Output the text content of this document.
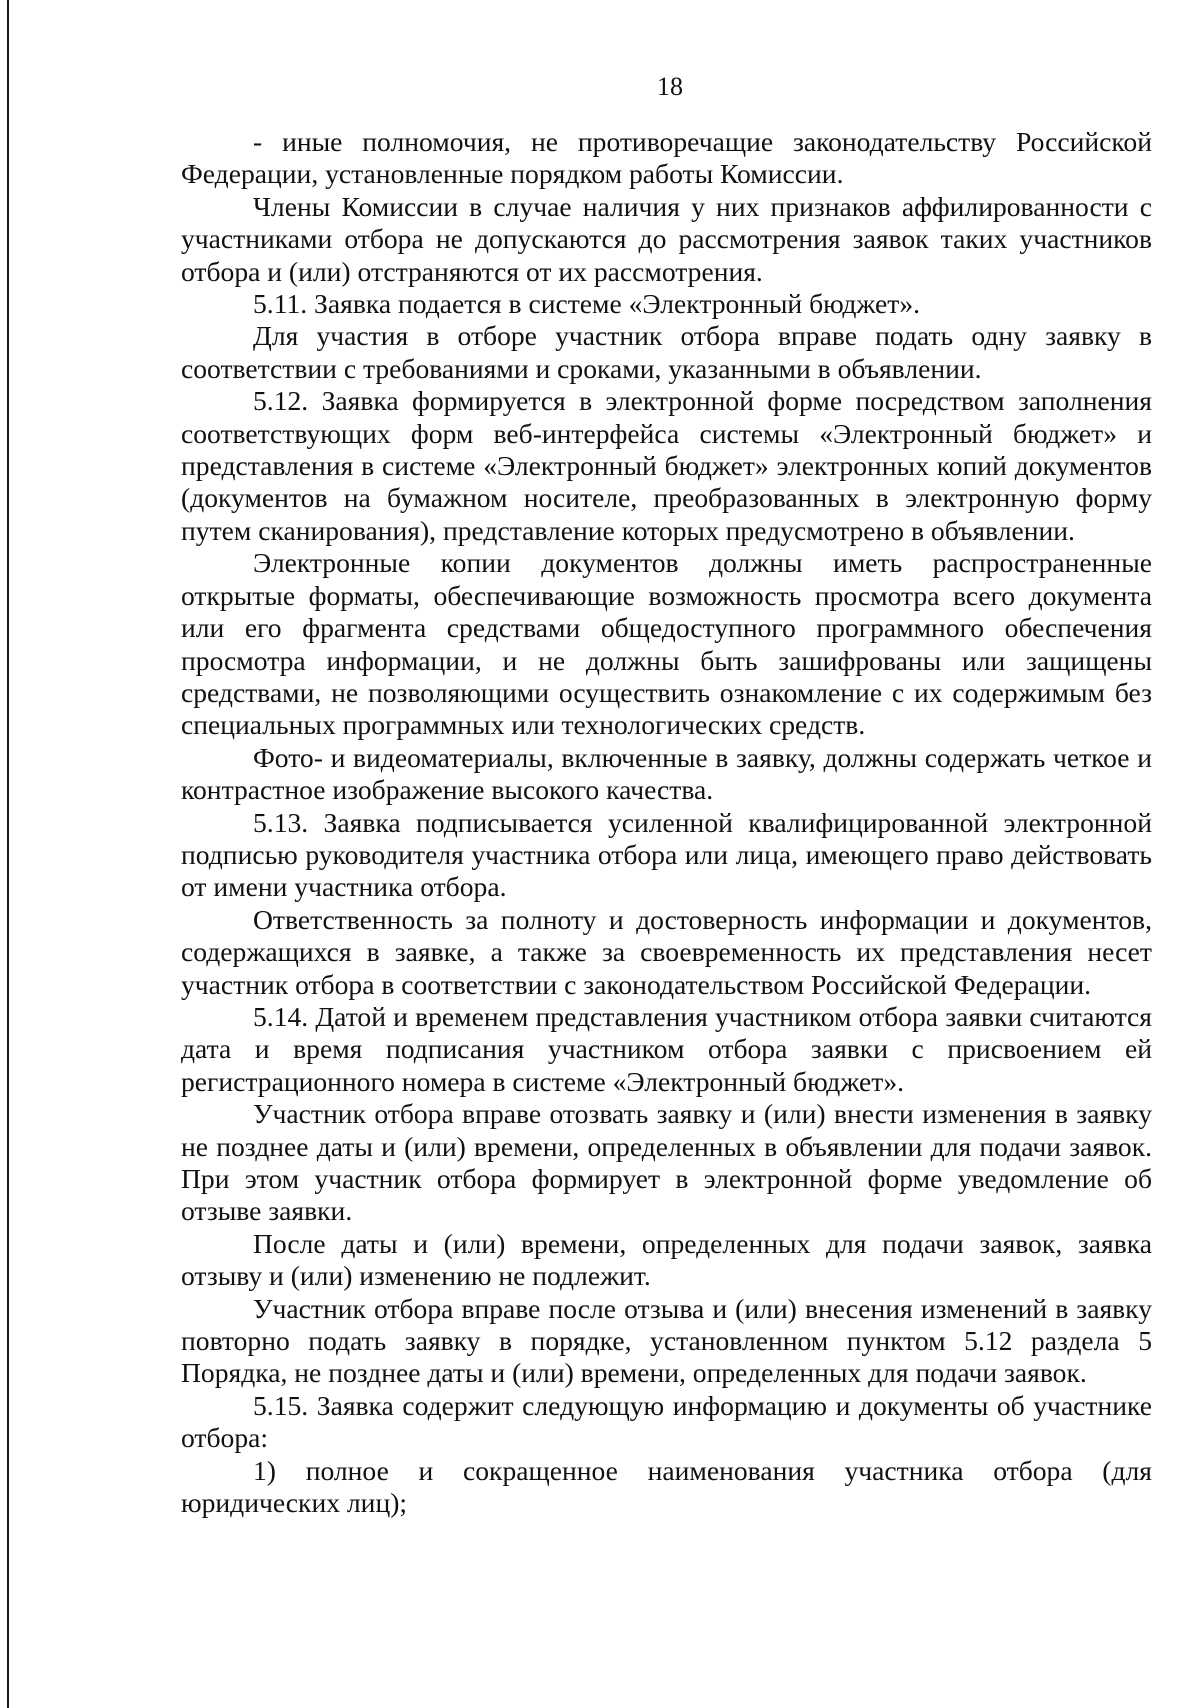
18

- иные полномочия, не противоречащие законодательству Российской Федерации, установленные порядком работы Комиссии.

Члены Комиссии в случае наличия у них признаков аффилированности с участниками отбора не допускаются до рассмотрения заявок таких участников отбора и (или) отстраняются от их рассмотрения.

5.11. Заявка подается в системе «Электронный бюджет».

Для участия в отборе участник отбора вправе подать одну заявку в соответствии с требованиями и сроками, указанными в объявлении.

5.12. Заявка формируется в электронной форме посредством заполнения соответствующих форм веб-интерфейса системы «Электронный бюджет» и представления в системе «Электронный бюджет» электронных копий документов (документов на бумажном носителе, преобразованных в электронную форму путем сканирования), представление которых предусмотрено в объявлении.

Электронные копии документов должны иметь распространенные открытые форматы, обеспечивающие возможность просмотра всего документа или его фрагмента средствами общедоступного программного обеспечения просмотра информации, и не должны быть зашифрованы или защищены средствами, не позволяющими осуществить ознакомление с их содержимым без специальных программных или технологических средств.

Фото- и видеоматериалы, включенные в заявку, должны содержать четкое и контрастное изображение высокого качества.

5.13. Заявка подписывается усиленной квалифицированной электронной подписью руководителя участника отбора или лица, имеющего право действовать от имени участника отбора.

Ответственность за полноту и достоверность информации и документов, содержащихся в заявке, а также за своевременность их представления несет участник отбора в соответствии с законодательством Российской Федерации.

5.14. Датой и временем представления участником отбора заявки считаются дата и время подписания участником отбора заявки с присвоением ей регистрационного номера в системе «Электронный бюджет».

Участник отбора вправе отозвать заявку и (или) внести изменения в заявку не позднее даты и (или) времени, определенных в объявлении для подачи заявок. При этом участник отбора формирует в электронной форме уведомление об отзыве заявки.

После даты и (или) времени, определенных для подачи заявок, заявка отзыву и (или) изменению не подлежит.

Участник отбора вправе после отзыва и (или) внесения изменений в заявку повторно подать заявку в порядке, установленном пунктом 5.12 раздела 5 Порядка, не позднее даты и (или) времени, определенных для подачи заявок.

5.15. Заявка содержит следующую информацию и документы об участнике отбора:

1) полное и сокращенное наименования участника отбора (для юридических лиц);
